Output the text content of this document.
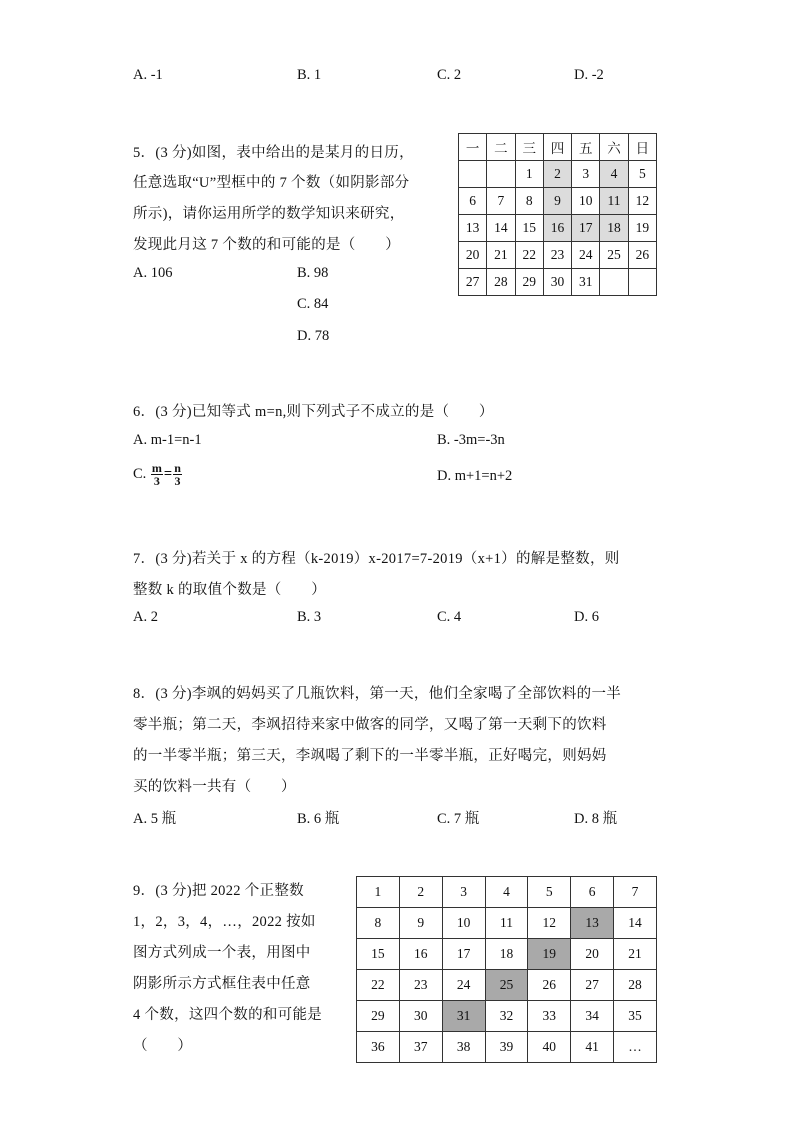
A. -1	B. 1	C. 2	D. -2
5．(3 分)如图，表中给出的是某月的日历，
任意选取“U”型框中的 7 个数（如阴影部分
所示)，请你运用所学的数学知识来研究，
发现此月这 7 个数的和可能的是（　　）
A. 106	B. 98
C. 84
D. 78
一	二	三	四	五	六	日
		1	2	3	4	5
6	7	8	9	10	11	12
13	14	15	16	17	18	19
20	21	22	23	24	25	26
27	28	29	30	31		
6．(3 分)已知等式 m=n,则下列式子不成立的是（　　）
A. m-1=n-1	B. -3m=-3n
C. $\frac{m}{3} = \frac{n}{3}$	D. m+1=n+2
7．(3 分)若关于 x 的方程（k-2019）x-2017=7-2019（x+1）的解是整数，则
整数 k 的取值个数是（　　）
A. 2	B. 3	C. 4	D. 6
8．(3 分)李飒的妈妈买了几瓶饮料，第一天，他们全家喝了全部饮料的一半
零半瓶；第二天，李飒招待来家中做客的同学，又喝了第一天剩下的饮料
的一半零半瓶；第三天，李飒喝了剩下的一半零半瓶，正好喝完，则妈妈
买的饮料一共有（　　）
A. 5 瓶	B. 6 瓶	C. 7 瓶	D. 8 瓶
9．(3 分)把 2022 个正整数
1，2，3，4，…，2022 按如
图方式列成一个表，用图中
阴影所示方式框住表中任意
4 个数，这四个数的和可能是
（　　）
1	2	3	4	5	6	7
8	9	10	11	12	13	14
15	16	17	18	19	20	21
22	23	24	25	26	27	28
29	30	31	32	33	34	35
36	37	38	39	40	41	…
